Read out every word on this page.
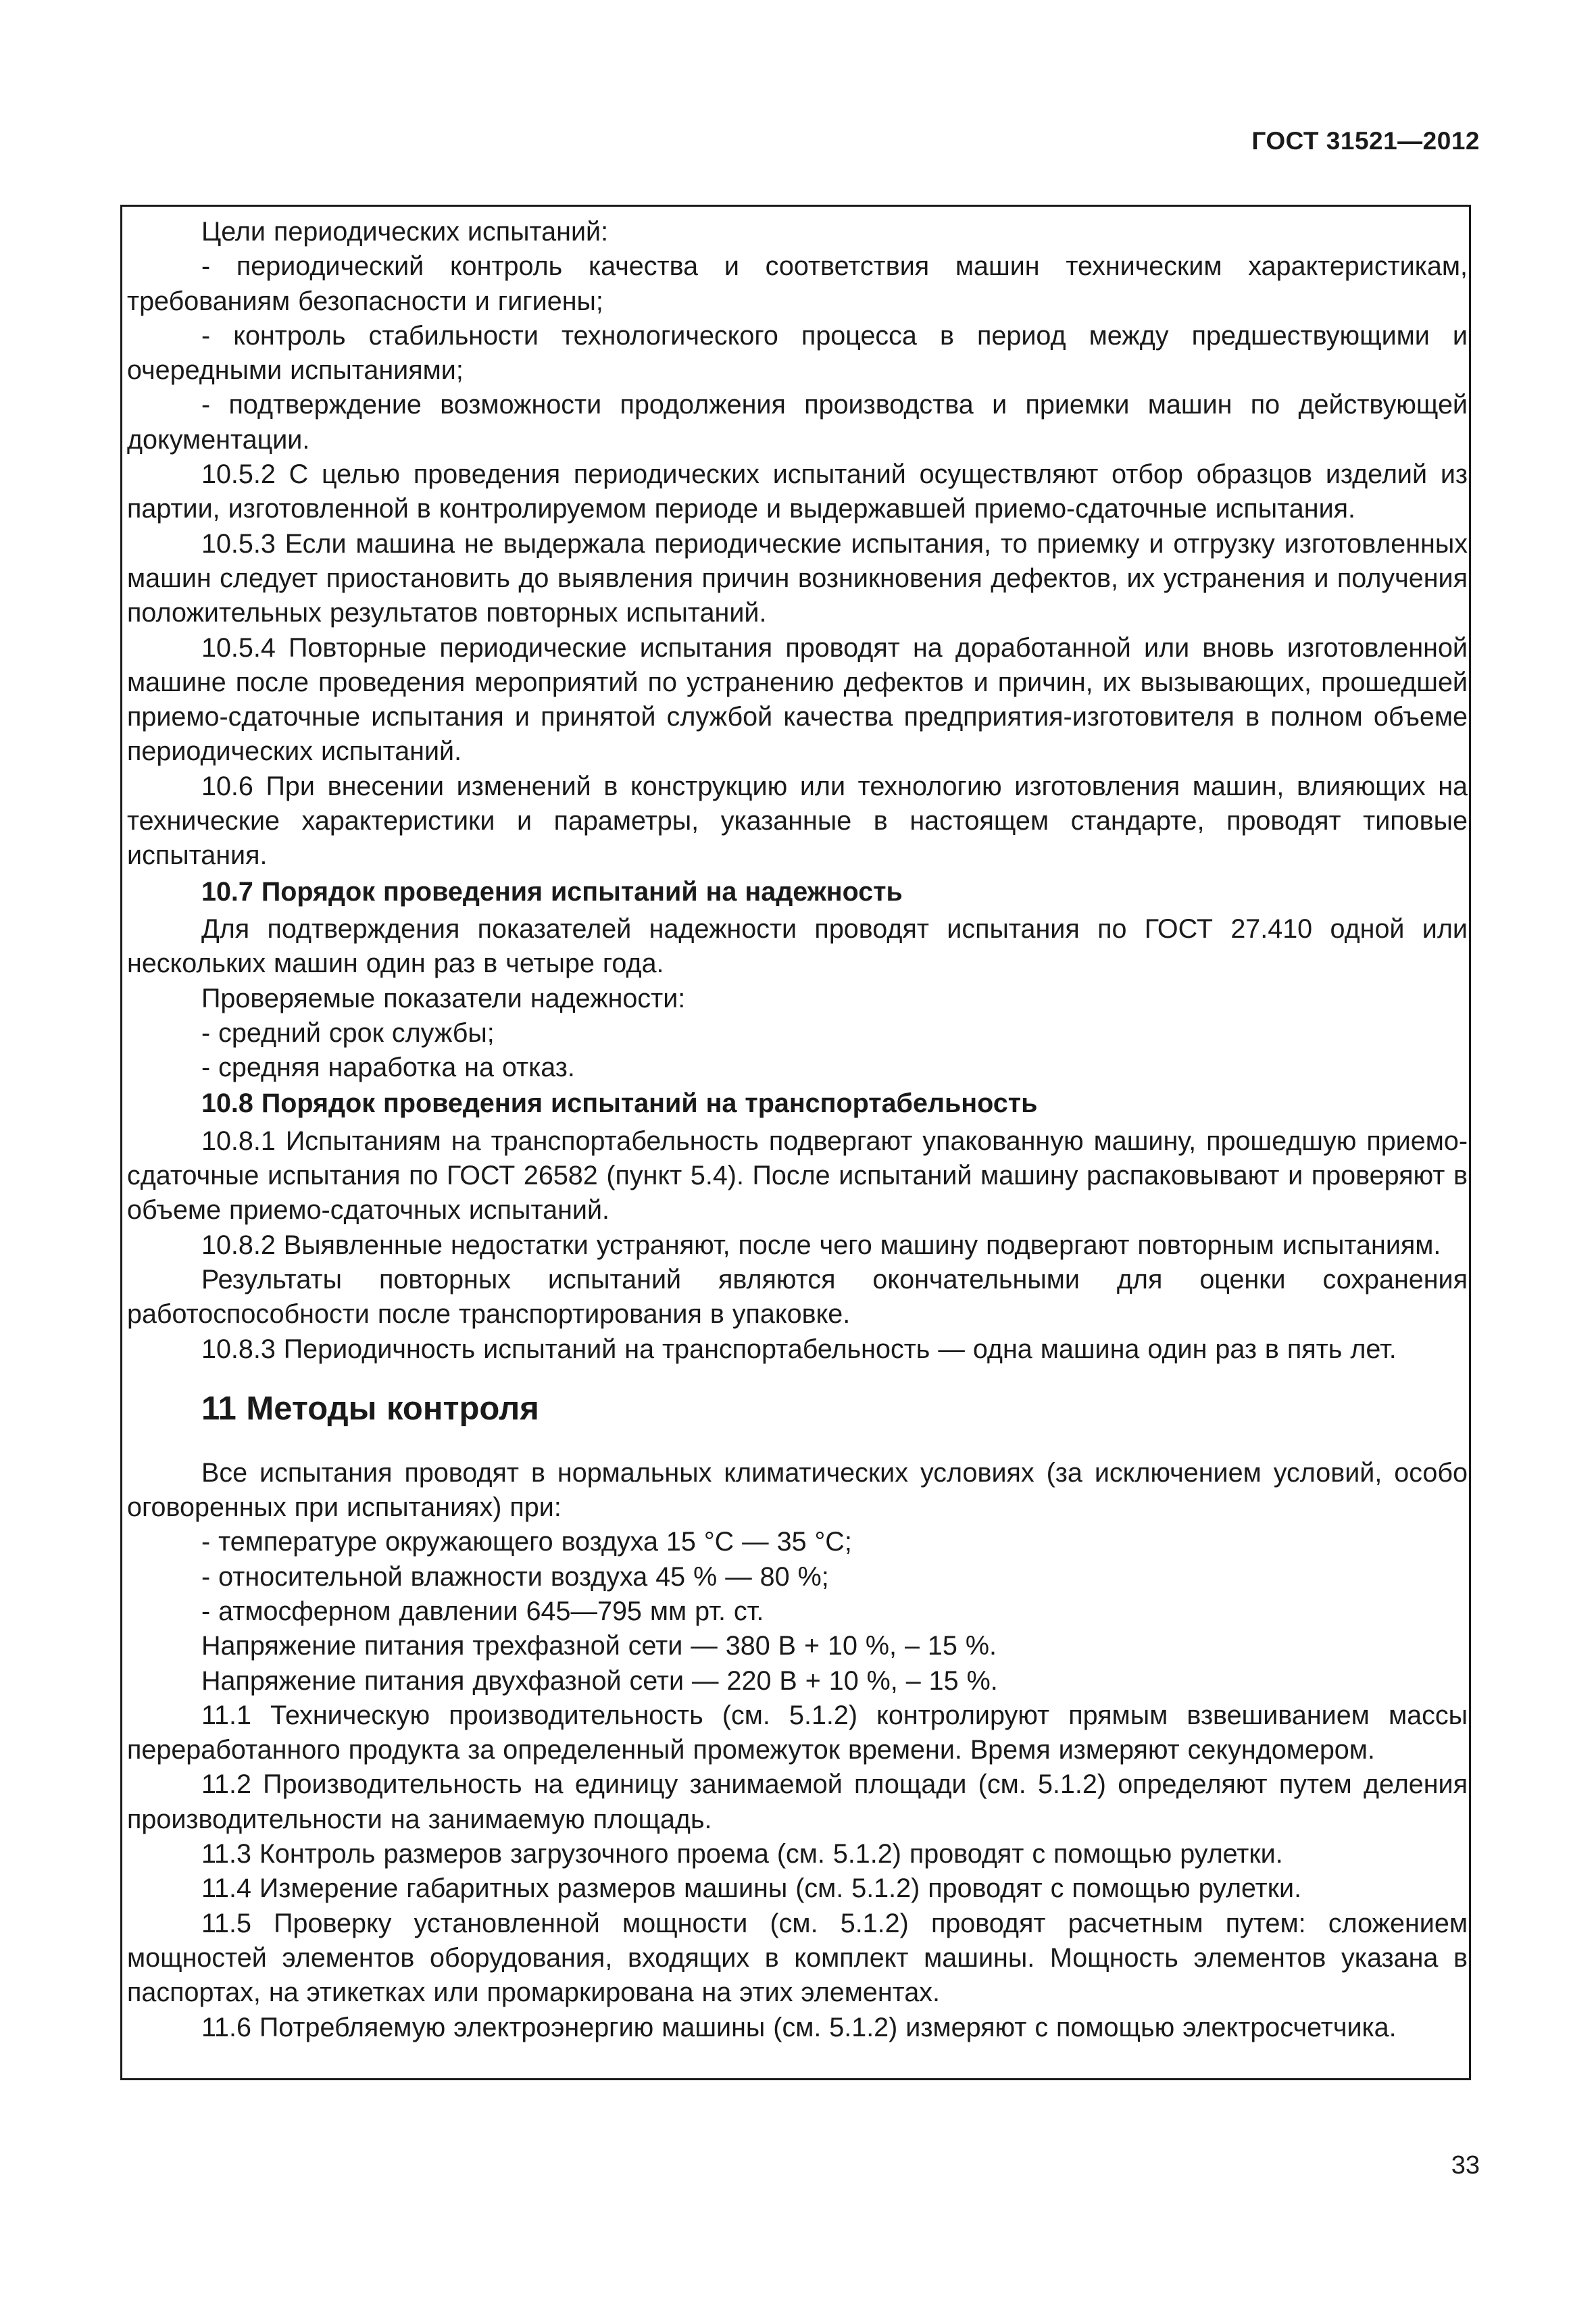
ГОСТ 31521—2012

Цели периодических испытаний:

- периодический контроль качества и соответствия машин техническим характеристикам, требованиям безопасности и гигиены;

- контроль стабильности технологического процесса в период между предшествующими и очередными испытаниями;

- подтверждение возможности продолжения производства и приемки машин по действующей документации.

10.5.2 С целью проведения периодических испытаний осуществляют отбор образцов изделий из партии, изготовленной в контролируемом периоде и выдержавшей приемо-сдаточные испытания.

10.5.3 Если машина не выдержала периодические испытания, то приемку и отгрузку изготовленных машин следует приостановить до выявления причин возникновения дефектов, их устранения и получения положительных результатов повторных испытаний.

10.5.4 Повторные периодические испытания проводят на доработанной или вновь изготовленной машине после проведения мероприятий по устранению дефектов и причин, их вызывающих, прошедшей приемо-сдаточные испытания и принятой службой качества предприятия-изготовителя в полном объеме периодических испытаний.

10.6 При внесении изменений в конструкцию или технологию изготовления машин, влияющих на технические характеристики и параметры, указанные в настоящем стандарте, проводят типовые испытания.

10.7 Порядок проведения испытаний на надежность

Для подтверждения показателей надежности проводят испытания по ГОСТ 27.410 одной или нескольких машин один раз в четыре года.

Проверяемые показатели надежности:

- средний срок службы;

- средняя наработка на отказ.

10.8 Порядок проведения испытаний на транспортабельность

10.8.1 Испытаниям на транспортабельность подвергают упакованную машину, прошедшую приемо-сдаточные испытания по ГОСТ 26582 (пункт 5.4). После испытаний машину распаковывают и проверяют в объеме приемо-сдаточных испытаний.

10.8.2 Выявленные недостатки устраняют, после чего машину подвергают повторным испытаниям.

Результаты повторных испытаний являются окончательными для оценки сохранения работоспособности после транспортирования в упаковке.

10.8.3 Периодичность испытаний на транспортабельность — одна машина один раз в пять лет.

11 Методы контроля

Все испытания проводят в нормальных климатических условиях (за исключением условий, особо оговоренных при испытаниях) при:

- температуре окружающего воздуха 15 °С — 35 °С;

- относительной влажности воздуха 45 % — 80 %;

- атмосферном давлении 645—795 мм рт. ст.

Напряжение питания трехфазной сети — 380 В + 10 %, – 15 %.

Напряжение питания двухфазной сети — 220 В + 10 %, – 15 %.

11.1 Техническую производительность (см. 5.1.2) контролируют прямым взвешиванием массы переработанного продукта за определенный промежуток времени. Время измеряют секундомером.

11.2 Производительность на единицу занимаемой площади (см. 5.1.2) определяют путем деления производительности на занимаемую площадь.

11.3 Контроль размеров загрузочного проема (см. 5.1.2) проводят с помощью рулетки.

11.4 Измерение габаритных размеров машины (см. 5.1.2) проводят с помощью рулетки.

11.5 Проверку установленной мощности (см. 5.1.2) проводят расчетным путем: сложением мощностей элементов оборудования, входящих в комплект машины. Мощность элементов указана в паспортах, на этикетках или промаркирована на этих элементах.

11.6 Потребляемую электроэнергию машины (см. 5.1.2) измеряют с помощью электросчетчика.

33
